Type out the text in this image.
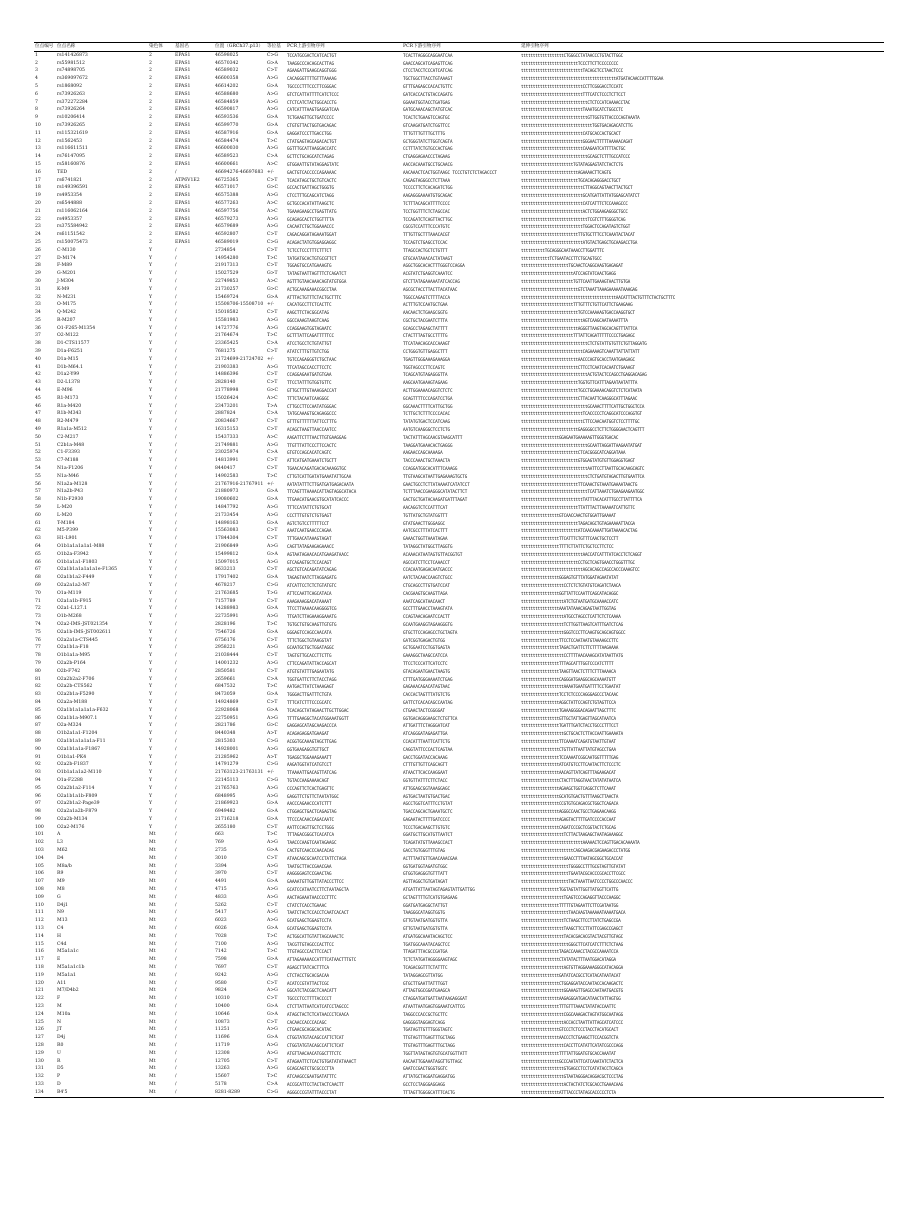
位点编号	位点名称	染色体	基因名	位置（GRCh37.p13）	等位基	PCR上游引物序列	PCR下游引物序列	延伸引物序列
1	rs141426873	2	EPAS1	46598025	C>G	TCCATGCGACTCATCACTGT	TCACTTAGGGCAGGAATCAA	ttttttttttttttttttCTGGGCCTATAACCCTGTACTTGGC
2	rs55981512	2	EPAS1	46570342	G>A	TAAGGCCCACAGCACTTAG	GAACCAGCATCAGAGTTCAG	ttttttttttttttttttttttttTCCCTTCTTCCCCCCCC
3	rs74898705	2	EPAS1	46589032	C>T	AGAAGATTGAAGCAGGTGGG	CTCCTACCTCCCATCATCAG	ttttttttttttttttttttttttttTACAGCTCCTAACTCCC
4	rs369097672	2	EPAS1	46600358	A>G	CACAGGGTTTTGTTTAAAAG	TGCTGGCTTACCTGTAAAGT	ttttttttttttttttttttttttttttttttttttttttATGATACAACCATTTTGGAA
5	rs1868092	2	EPAS1	46614202	G>A	TGCCCCTTTCCCTTCGGGAC	GTTTGAGAGCCACACTGTTC	ttttttttttttttttttttttttttCCTTCGGGACCTCCATC
6	rs73926263	2	EPAS1	46588680	A>G	GTCTCATTATTTTCATCTCCC	GATCACCACTGTACCAGATG	ttttttttttttttttttttttttttTTTCATCTCCCTCTTCCT
7	rs372272284	2	EPAS1	46584859	A>G	CTCTCATCTACTGGCACCTG	GGAAATGGTACCTGATGAG	ttttttttttttttttttttttttttttCTCTCCATCAAAACCTAC
8	rs73926264	2	EPAS1	46590817	A>G	CATCATTTAAGTGAGGATCAA	GATGCAAACAGCTATGTCAC	ttttttttttttttttttttttttttTAAATGCATCTGGCCTC
9	rs10206414	2	EPAS1	46593536	G>A	TCTGAAGTTGCTGATCCCC	TCACTCTGAAGTCCAGTGC	ttttttttttttttttttttttttttttGTTGGTGTTACCCCAGTAAATA
10	rs73926265	2	EPAS1	46599770	G>A	CTGTGTTACTGGTGACAGAC	GTCAAGATGATCTGGTTCC	ttttttttttttttttttttttttttttttTGGTGACAGACATCTTG
11	rs115321619	2	EPAS1	46587916	G>A	GAGGATCCCTTGACCTGG	TTTGTTTGTTTGCTTTG	ttttttttttttttttttttttttttCATGCACCACTGCACT
12	rs1562453	2	EPAS1	46584474	T>C	CTATGAGTAGCAGACACTGT	GCTGGGTATCTTGGTCAGTA	ttttttttttttttttttttttttttGGGAACTTTTTAAAAACAGAT
13	rs116611511	2	EPAS1	46600030	A>G	GGTTTGCATTAAGGACCATC	CCTTTATCTGTGCCACTGAG	ttttttttttttttttttttttttttCAAGAATCATTTTACTGC
14	rs76147095	2	EPAS1	46589523	C>A	GCTTCTGCAGCATCTAGAG	CTGAGGAGAACCCTAGAAG	ttttttttttttttttttttttttttttGCAGCTCTTTGCCATCCC
15	rs58160876	2	EPAS1	46600661	A>C	GTGGAATTGTATAGGAGTATC	AACCACAAATGCCTGCAACG	ttttttttttttttttttttttTGTATAGGAGTATCTACTCTG
16	TED	2	/	46694276-46697683	+/-	GACTGTCACCCCCAGAAAAC	AACAAACTCACTGGTAAGC TCCCTGTCTCTAGACCCT	ttttttttttttttttttttttttAGAAAACTTCAGTG
17	rs6741821	2	ATP6V1E2	46725365	C>T	TCACATAGCTGCTGTCACTC	CAGAGTAGGGCCTCTTAAA	ttttttttttttttttttttttttTGCACAGAGGGACCTGCT
18	rs149396591	2	EPAS1	46571017	G>C	GCCACTGATTAGCTGGGTG	TCCCCTTCTCACAGATCTGG	ttttttttttttttttttttttttttCTTAGGCAGTAACTTACTGCT
19	rs4953354	2	EPAS1	46575388	A>G	CTCCTTTGCAGCATCTAGG	AAGAGGGAAAATGTGCAGAC	ttttttttttttttttttttttttttGCATGATTATTATGGAGCATATCT
20	rs6544888	2	EPAS1	46577263	A>C	GCTGCCACATATTAAGCTC	TCTTTACAGCATTTTCCCC	ttttttttttttttttttttttttttCATCATTTCTCCAAAGCCC
21	rs116062164	2	EPAS1	46597756	A>C	TGAAAGAAGCCTGAGTTATG	TCCTGGTTTCTCTAGCCAC	ttttttttttttttttttttttttttACTCTGGAAGAGGGCTGCC
22	rs4953357	2	EPAS1	46579273	A>G	GCAGAGCACTCTGGTTTTA	TCCAGATCTCAGTTACTTGC	ttttttttttttttttttttttttttttTCGTCTTTGGGGTCAG
23	rs375584942	2	EPAS1	46579689	A>G	CACAATCTGCTGGAAACCC	CGCGTCCATTTCCCATGTC	ttttttttttttttttttttttttttTGGACTCCAGATAGTCTGGT
24	rs61151542	2	EPAS1	46592807	C>T	CAGACAGGATAGAAATGGAT	TTTGTTGCTTTAAACACGT	ttttttttttttttttttttttttTTGTGCTTTCCTCAAATACTACAT
25	rs150075473	2	EPAS1	46589019	C>G	ACAGACTATGTGGAGGAGGC	TCCAGTCTGAGCCTCCAC	ttttttttttttttttttttttttttATGTACTGAGCTGCAAGACCTGA
26	C-M130	Y	/	2734854	C>T	TCTCCTCCCTTTCTTTCT	TTAGCCACTGCTCTGTTT	ttttttttttTGCAGGGCAATAAACCTTGGATTTC
27	D-M174	Y	/	14954280	T>C	TATGATGCACTGTGCGTTCT	GTGCAATAAACACTATAAGT	ttttttttttttTCTGAATACCTTCTGCAGTGCC
28	F-M89	Y	/	21917313	C>T	TGGAGTGCCATGAAAGTG	AGGCTGGCACACTTTGGGTCCAGGA	ttttttttttttttttttttTGCAACTCAGGCAAGTGAGAGAT
29	G-M201	Y	/	15027529	G>T	TATAGTAATTAGTTTCTCAGATCT	ACGTATCTGAGGTCAAATCC	ttttttttttttttttttttttATCCAGTATCAACTGAGG
30	J-M304	Y	/	22749853	A>C	AGTTTGTAACAAACAGTATGTGGA	GTCTTATAGAAAAATATCACCAG	ttttttttttttttttttttttTGTTCAATTGAAAGTAACTTGTGA
31	K-M9	Y	/	21730257	G>C	ACTGCAAAGAAACGGCCTAA	AGCGCTACCTTACTTACATAAC	ttttttttttttttttttttttttGTCTAAATTAAAGAAAAATAAAGAG
32	N-M231	Y	/	15469724	G>A	ATTTACTGTTTCTACTGCTTTC	TGGCCAGAGTCTTTTACCA	ttttttttttttttttttttttttttttttttttttttttAACATTTACTGTTTCTACTGCTTTC
33	O-M175	Y	/	15508706-15508710	+/-	CACATGCCTTCTCACTTC	ACTTTGTCCAATGCTGAA	ttttttttttttttttttttttTTTGTTTCTGTTCATTCTGAAGAAG
34	Q-M242	Y	/	15018582	C>T	AAGCTTCTACGGCATAG	AACAACTCTGAAGCGGTG	ttttttttttttttttttttttttTGTCCAAAAAGTGACCAAGGTGCT
35	R-M207	Y	/	15581983	A>G	GGCCAAAGTAAGTCAAG	CGCTGCTACGAATCTTTA	ttttttttttttttttttttttttttAGTCAAGCAATAAAATTTA
36	O1-F265-M1354	Y	/	14727776	A>G	CCAGGAAGTGGTAGAATC	GCAGCCTAGAGCTATTTT	ttttttttttttttttttttttttAGGGTTAAGTAGCACAGTTTATTCA
37	O2-M122	Y	/	21764674	T>C	GCTTTATTCAGATTTTTCC	CTACTTTAGTGCCTTTTG	ttttttttttttttttttttttTTTATTCAGATTTTTCCCCTGAGAGC
38	D1-CTS11577	Y	/	23365425	C>A	ATCCTGCCTCTGTATTGT	TTCATAACAGCACCAAAGT	ttttttttttttttttttttttttttttCTCTGTATTGTGTTCTGTTAGGATG
39	D1a-F6251	Y	/	7681275	C>T	ATATCTTTGTTGTCTGG	CCTGGGTGTTGAGGCTTT	ttttttttttttttttttttttttttCAGAAAAGTCAAATTATTATTATT
40	D1a-M15	Y	/	21724699-21724702	+/-	TGTCCAGAGGGTCTGCTAAC	TGAGTTGGGAAAGAAAGGA	ttttttttttttttttttttttttAACCCAGTGCACCTAATGAAGAGC
41	D1b-M64.1	Y	/	21903383	A>G	TTCATAGCCACCTTCCTC	TGGTAGCCCTTCCAGTC	ttttttttttttttttttttttttCTTCCTCAATCACAATCTGAAAGT
42	D1a2-Y99	Y	/	14886396	C>T	CCAGGAGAATGATGTGAA	TCAGCATGTAGAGGGTTA	ttttttttttttttttttttttttttttACTGTACTCCAGCCTGAGGACAGAG
43	D2-L1378	Y	/	2828140	C>T	TTCCTATTTGTGGTGTTC	AAGCAATGAAAGTAGAAG	ttttttttttttttttttttttttTGGTGTTCATTTAGAATAATATTTA
44	E-M96	Y	/	21778998	G>C	GTTGCTTTGTAAAGGACCAT	ACTTGGAAAACAGGTCTCTC	ttttttttttttttttttttttttTGCCTGGAAAACAGGTCTCTCATAATA
45	R1-M173	Y	/	15026424	A>C	TTTCTACAATCAAGGGC	GCAGTTTTCCCAGATCCTGA	ttttttttttttttttttttttttCTTACAATTCAAGGGCATTTAGAAC
46	R1a-M420	Y	/	23473201	T>A	CTTGCCTTCCAATATGGGAC	GGCAAACTTTTCATTGCTGG	ttttttttttttttttttttttttttttGCAAACTTTTCATTGCTGGCTCCA
47	R1b-M343	Y	/	2887824	C>A	TATGCAAAGTGCAGAGGCCC	TCTTGCTCTTTCCCCACAC	ttttttttttttttttttttttttttTCACCCCCTCAGGCATCCCAGGTGT
48	R2-M479	Y	/	20834667	C>T	GTTTGTTTTTTATTCCTTTG	TATATGTGACTCCATCAAG	ttttttttttttttttttttttttttCTTCCAACAATGGTCTCCTTTTGC
49	R1a1a-M512	Y	/	16315153	C>T	ACAGCTAAGTTAACCAATCC	AATGTCAAGGGCTCCTCTG	ttttttttttttttttttttttttGAGGGGCCTCTTCTGGGGAACTCAGTTT
50	C2-M217	Y	/	15437333	A>C	AAGATTCTTTAACTTGTGAAGGAG	TACTATTTAGCAACGTAAGCATTT	ttttttttttttttttGGAGAATGAAAAAGTTGGGTGACAC
51	C2b1a-M48	Y	/	21749881	A>G	TTGTTTATTCCCTTCCACTC	TAAGGATGAAACACTGAGGG	ttttttttttttttttttttttttttttGCAATTAGGATTAAGAATATGAT
52	C1-F3393	Y	/	23025974	C>A	GTGTCCAGCACATCAGTC	AAGAACCAGCAAAAGA	ttttttttttttttttttttttttCTCACGGGCATCAGGATAAA
53	C7-M188	Y	/	14813991	C>T	ATTCATGATGAAATCTGCTT	TACCCAAACTGCTAAACTA	ttttttttttttttttttttttttGTGGAGTATGTGTTGGAGGTGAGT
54	N1a-F1206	Y	/	8440417	C>T	TGAACACAGATGACACAAAGGTGC	CCAGGATGGCACATTTCAAAGG	ttttttttttttttttttttttttttttAATTCCTTAATTGCACAAGCAGTC
55	N1a-M46	Y	/	14902583	T>C	CTTGTCATTGATATGAAATATTGCAA	TTGTAAGCATAATTGAGAAAGTGCTG	ttttttttttttttttttttttttttttCTCTGATGTAGACTTGTGAATTCA
56	N1a2a-M128	Y	/	21767916-21767911	+/-	AATATATTTCTTGATGATGAGACAATA	GAACTGCCTCTTATAAAATCATATCCT	ttttttttttttttttttttttttTTCAAACTGTAAATGAAAATAACTG
57	N1a2b-P43	Y	/	21880973	G>A	TTCAGTTTAAAACATTAGTAGGCATACA	TCTTTAACCGAAGGGCATATACTTCT	ttttttttttttttttttttttttttttTCATTAAATCTGAAGAAGAATGGC
58	N1b-F2930	Y	/	19080602	G>A	TTGAACATGAACGTGCATATCACCC	GACTGCTGATACAAGATGATTTAGAT	ttttttttttttttttttttttttttTATTTACACATTTGCCTTATTTTCA
59	L-M20	Y	/	14847792	A>G	TTTCCATATTCTGTGCAT	AACAGGTCTCCATTTCAT	ttttttttttttttttttttttttTTATTTACTTAAAAATCATTGTTC
60	L-M20	Y	/	21733454	A>G	CCCTTTGTGTCTGTGAGT	TGTTATGCTGTATGGTTT	ttttttttttttttttGTCAACCAACTGTGGATTGAAAAT
61	T-M184	Y	/	14898163	G>A	AGTCTGTCCTTTTTCCT	GTATGAACTTGGGAGGC	ttttttttttttttttttttttttTAGACAGCTGTAGAAAAATTACGA
62	M5-P399	Y	/	15563083	C>T	AAATCAATGAACCCAGAA	AATCGCCTTTATCACTTT	ttttttttttttttttttttttttATCAACAAAATTGATAAAACACTAG
63	H1-L901	Y	/	17844304	C>T	TTTGAACATAAAGTAGAT	GAAACTGGTTAAATAGAA	ttttttttttttttttTTCATTTCTGTTTCAACTGCTCCTT
64	O1b1a1a1a1a1-M88	Y	/	21906849	A>G	CAGTTATAGAAGAGAAACC	TATAGGCTATGGCTTAGGTG	ttttttttttttttttTTTTCTTATTCTGCTCCTTCTCC
65	O1b2a-F3942	Y	/	15499812	G>A	AGTAATAGAACACATGAAGATAACC	ACAAACATAATAGTGTTACGGTGT	ttttttttttttttttttttttttttAACCATCATTTATCACCTCTCAGGT
66	O1b1a1a1-F1803	Y	/	15097015	A>G	GTCAGAGTGCTCCACAGT	AGCCATCTTCCTCAAACCT	ttttttttttttttttttttttttCCTGCTCAGTGAACCTGGGTTTGC
67	O2a1b1a1a1a1a1e-F1365	Y	/	8633213	C>T	AGCTGTCACAGATATCAGAG	CCACAATGAGACAATGACCC	ttttttttttttttttttttttttttAGCACAGCCAGCCACCCAAAGTCC
68	O2a1b1a2-F449	Y	/	17917402	G>A	TAGAGTAATCTTAGGAGATG	AATCTACAACCAAGTCTGCC	ttttttttttttttttGGGAGTGTTTATGGATAGAATATAT
69	O2a2a1a2-M7	Y	/	4678217	C>G	ATCATTCCTCTCTGTATGTC	CTGCAGCCTTGTGATCCAT	ttttttttttttttttttCCTCTCTGTATGTCAGATCTAACA
70	O1a-M119	Y	/	21763685	T>G	ATTCCAATTCAGCATACA	CACGAAGTGCAAGTTAGA	ttttttttttttttttGGTTATTCCAATTCAGCATACAGGC
71	O2a1a1b-F915	Y	/	7157789	C>T	AAAGAAAGGACATAAAAT	AAATCAGCATAACAACT	ttttttttttttttttttATCTGTAATGATGCAAAACCATC
72	O2a1-L127.1	Y	/	14288983	G>A	TTCCTTAAAACAAGGGGTCG	GCCTTTGAACCTAAAGTATA	ttttttttttttttttAAATATAAACAGAGTAATTGGTAG
73	O1b-M268	Y	/	22735991	A>G	TTGATCTTAGAAAGGAAATG	CCAGTAACAGAATCCACTT	ttttttttttttttttttATGCCTAGCCTCATTCTCTCAAAA
74	O2a2-IMS-JST021354	Y	/	2828196	T>C	TGTGCTGTGCAAGTTGTGTG	GCAATGAAGGTAGAAGGGTG	ttttttttttttttttttTCTTGGTTAAGTCATTTGATCTCAG
75	O2a1b-IMS-JST002611	Y	/	7546726	G>A	GGGAGTCCAGCCAACATA	GTGCTTCCAGAGCCTGCTAGTA	ttttttttttttttttttGGGTCCCTTCAAGTGCAGCAGTGGCC
76	O2a2a1a-CTS445	Y	/	6756176	C>T	TTTCTGGCTGTAAGGTAT	GATCGGTGAGACTGTGG	ttttttttttttttttTTCCTCCAATAATGTAAAAGCCTTC
77	O2a1b1a-F18	Y	/	2958221	A>G	GCAATGCTGCTGGATAGGC	GCTGGAATCCTGGTGAGTA	ttttttttttttttttTAGACTGATTCTTCTTTTAAGAAAA
78	O1b1a1a-M95	Y	/	21038444	C>T	TAGTGTTGCACCTTCTTG	GAAAGGCTAAGCCATCCA	ttttttttttttttttttCCTTTTAACAAAGCATATAATTATG
79	O2a2b-P164	Y	/	14001232	A>G	CTTCCAGATATTACCAGCAT	TTCCTCCCATTCATCCTC	ttttttttttttttttTTTAGCATTTGGTCCCATCTTTT
80	O2b-F742	Y	/	2850581	C>T	ATGTGTATTTGAGAATATG	GTACAGAATGAACTAAGTG	ttttttttttttttttTAAGTTAACTCTTTCTTTAAAACA
81	O2a2b2a2-F706	Y	/	2659661	C>A	TGGTGATTCTTCTACCTAGG	CTTTGATGGGAAAATCTGAG	ttttttttttttttttCAGGGATGAAGGCAGCAAAATGTT
82	O2a2b-CTS562	Y	/	6847532	T>C	AATGACTTATCTAAAGAGT	GAGAAACAGACATAGTAAC	ttttttttttttttttttAAAATGAATGATTTTCCTGAATAT
83	O2a2b1a-F5290	Y	/	8473059	G>A	TGGGACTTGATTTCTGTA	CACCACTAGTTTATGTCTG	ttttttttttttttttTCCTCTCCCCAGGGAGCCCTACAAC
84	O2a2a-M188	Y	/	14924869	C>T	TTTCATCTTTCCCGCATC	GATTCTCACACAGCCAATAG	ttttttttttttttttAGGCTATTCCAGTCTGTAGTTCCA
85	O2a1b1a1a1a1a-F632	Y	/	22928068	G>A	TCACAGCTATAGAACTTGCTTGGAC	CTGAACTACTCGGGGAT	ttttttttttttttttTGAAAGGGGACAGAATTAGCTTTC
86	O2a1b1a-M907.1	Y	/	22750951	A>G	TTTTGAAGGCTACATGGAAATGGTT	GGTGACAGGGAAGCTCTGTTCA	ttttttttttttttttGTTGCTATTGAGTTAGCATAATCA
87	O2a-M324	Y	/	2821786	G>C	GAGGAGCATAGCAAGACCCA	ATTGATTTCTAGGGATCAT	ttttttttttttttttTGATTTGATCTACCTGCCCTTTCCT
88	O1b2a1a1-F1204	Y	/	8440348	A>T	ACAGAGAGGATGAAGAT	ATCAGGGATAGAGATTGA	ttttttttttttttttttGCTGCACTCTTACCAATTGAAAATA
89	O2a1b1a1a1a1a-F11	Y	/	2815303	C>G	ACGGTGCAAAGTAGCTTGAG	CCACATTTAATTCATTCTG	ttttttttttttttttTTCAAAATCAGATGTAATTGTAAT
90	O2a1b1a1a-F1867	Y	/	14928001	A>G	GGTGAAGAGGTGTTGCT	CAGGTATTCCCACTCAGTAA	ttttttttttttttttCTGTTATTAATTATGTAGCCTGAA
91	O1b1a1-PK4	Y	/	21285962	A>T	TGAGGCTGGAAAGAAATT	GACCTGGATACCACAAAG	ttttttttttttttttTCCAAAATCGGCAATGGTTTTTGAG
92	O2a2b-F1837	Y	/	14791279	C>G	AAGATGGTATCATGTCCT	CTTTGTTGTTCAGCAGTT	ttttttttttttttttATCATGTCCTTCAATACTTCTCCCTC
93	O1b1a1a1a2-M110	Y	/	21763123-21763131	+/-	TTAAAATTGACAGTTATCAG	ATAACTTCACCAAGGAAT	ttttttttttttttttAACAGTTATCAGTTTAGAAGACAT
94	O1a-F2288	Y	/	22145113	C>G	TGTACCAAGAAAACAGT	GGTGTTATTTCTTCTACC	ttttttttttttttttCTACTTTAGGTAACTATATATAATCA
95	O2a2b1a2-F114	Y	/	21765763	A>G	CCCAGTTCTCACTGAGTTC	ATTGGAGCGGTAAAGGAGC	ttttttttttttttttAGAAGCTGGTCAGGCTCTTCAAAT
96	O2a1b1a1b-F809	Y	/	6848995	A>G	GAGGTTCTGTTCTAATATGGC	AGTGACTAATGTGACTGAC	ttttttttttttttttGCATGTGACTGTTTAAGCTTAACTA
97	O2a2b1a2-Page39	Y	/	21869923	G>A	AACCCAGAACCCATCTTT	AGCCTGGTCATTTCCTGTAT	ttttttttttttttttCCGTGTGCAGACGCTGGCTCAGACA
98	O2a2a1a2b-F879	Y	/	6949482	G>A	CTGGAGCTGACTCAGAGTAG	TGACCAGCACTGAAATGCTC	ttttttttttttttttAGGGCCAACTGCCTGAGAACAAGG
99	O2a2b-M134	Y	/	21716218	G>A	TTCCCACAACCAGACAATC	GAGAATACTTTTGATCCCC	ttttttttttttttttAGAGTACTTTTGATCCCCACCAAT
100	O2a2-M176	Y	/	2655180	C>T	AATTCCAGTTGCTCCTGGG	TCCCTGACAAGCTTGTGTC	ttttttttttttttttCAGATCCCGCTCGGTACTCTGCAG
101	A	Mt	/	663	T>C	TTTAGACGGGCTCACATCA	GGATGCTTGCATGTTAATCT	ttttttttttttttttttTCTTACTAAGAGCTAATAGAAAGGC
102	L3	Mt	/	769	A>G	TAACCCAAGTCAATAGAAGC	TCAGATATGTTAAAGCCACT	ttttttttttttttttttttttttttAAAAACTCCAGTTGACACAAAATA
103	M62	Mt	/	2735	G>A	CACTGTCAACCCAACACAG	GACCTGTGGGTTTGTAG	ttttttttttttttttttttttCAGCAAGACGAGAAGACCCTATGG
104	D4	Mt	/	3010	C>T	ATAACAGCGCAATCCTATTCTAGA	ACTTTAATGTTGAACAAACGAA	ttttttttttttttttttGAACCTTTAATAGCGGCTGCACCAT
105	M8a/b	Mt	/	3394	A>G	TAATGCTTACCGAACGAA	GGTGATGGTAGATGTGGC	ttttttttttttttttttttTGGGGCCTTTGCGTAGTTGTATAT
106	R9	Mt	/	3970	C>T	AAGGGGAGTCCGAACTAG	GTGGTGAGGGTGTTTATT	ttttttttttttttttttttTGAATACGCACCCGCACCTTCGCC
107	M9	Mt	/	4491	G>A	GAAAATGTTGGTTATACCCTTCC	AGTTAGGCTGTGATAGAT	ttttttttttttttttttttTACTAAATTAATCCCCTGGCCCAACCC
108	M8	Mt	/	4715	A>G	GCATCCATAATCCTTCTAATAGCTA	ATGATTATTAATAGTAGAGTATTGATTGG	ttttttttttttttttTGGTAGTATTGGTTATGGTTCATTG
109	G	Mt	/	4833	A>G	AACTAGAAATAACCCCTTTC	GCTAGTTTTGTCATGTGAGAAG	ttttttttttttttttttTGAGTCCCAGAGGTTACCCAAGGC
110	D4j1	Mt	/	5262	C>T	CTATCTCACCTGAAAC	GGATGATGAGGCTATTGT	ttttttttttttttttTTTTTGTAGAATTCTTCGATAATGG
111	N9	Mt	/	5417	A>G	TAATCTACTCCACCTCAATCACACT	TAAGGGCATAGGTGGTG	ttttttttttttttttttttTAACAAGTAAAAAATAAAATGACA
112	M13	Mt	/	6023	A>G	GCATGAGCTGGAGTCCTA	GTTGTAATGATGGTGTTA	ttttttttttttttttttTCTAAGCTTCCTTATCTGAGCCGA
113	C4	Mt	/	6026	G>A	GCATGAGCTGGAGTCCTA	GTTGTAATGATGGTGTTA	ttttttttttttttttttTAAGCTTCCTTATTCGAGCCGAGCT
114	H	Mt	/	7028	T>C	ACTGGCATTGTATTAGCAAACTC	ATGATGGCAAATACAGCTCC	ttttttttttttttttttTACACGACACGTACTACGTTGTAGC
115	C4d	Mt	/	7100	A>G	TACGTTGTAGCCCACTTCC	TGATGGCAAATACAGCTCC	ttttttttttttttttttttGGGCTTCATCATCTTTCTCTAAG
116	M5a1a1c	Mt	/	7142	T>C	TTGTAGCCCACTTCCACT	TTAGATTTACGCCGATGA	ttttttttttttttttTAGACCAAACCTACGCCAAAATCCA
117	E	Mt	/	7598	G>A	ATTAGAAAAACCATTTCATAACTTTGTC	TCTCTATGATAGGGGAAGTAGC	ttttttttttttttttCTATATACTTTAATGGACATAGGA
118	M5a1a1c1b	Mt	/	7697	C>T	AGAGCTTATCACTTTCA	TCAGACGGTTTCTATTTC	ttttttttttttttttttAGTGTTAGGAAAAGGGCATACAGGA
119	M5a1a1	Mt	/	9242	A>G	CTCTACCTGCACGACAA	TATAGGAGCGTTATGG	ttttttttttttttttGATATCACGCCTCATACATAATACAT
120	A11	Mt	/	9580	C>T	ACATCCGTATTACTCGC	GTGCTTGAATTATTTGGT	ttttttttttttttttCTGGAGGATACCAATACCACAAGACTC
121	M7/D4b2	Mt	/	9824	A>G	GGCATCTACGGCTCAACATT	ATTAGTGGCGGATGAAGCA	ttttttttttttttttttGGAAAGTTGAGCCAATAATGACGTG
122	F	Mt	/	10310	C>T	TGCCCTCCTTTTACCCCT	CTAGGATGATGATTAATAAGAGGGAT	ttttttttttttttttAAGAGGGATGACATAACTATTAGTGG
123	M	Mt	/	10400	G>A	CTCTTATTAATCATCATCCTAGCCC	ATAATTAATGAGTGGAAATCATTCG	ttttttttttttttttTTTGTTTAAACTATATACCAATTC
124	M10a	Mt	/	10646	G>A	ATAGCTACTCTCATAACCCTCAACA	TAGGCCCACCGCTGCTTC	ttttttttttttttttttCGGCAAAGACTAGTATGGCAATAGG
125	N	Mt	/	10873	C>T	CACAACCACCCACAGC	GAGGGGTAGGAGTCAGG	ttttttttttttttttttACCACCTAATTATTAGCATCATCCC
126	JT	Mt	/	11251	A>G	CTGAACGCAGGCACATAC	TGATAGTTGTTTGGGTAGTC	ttttttttttttttttGTCCCTCTCCCTACCTACATGCACT
127	D4j	Mt	/	11696	G>A	CTGGTATGTACAGCCATTCTCAT	TTGTAGTTTGAGTTTGCTAGG	ttttttttttttttttAACCCTCTGAAGCTTCCACGGTCTA
128	R0	Mt	/	11719	A>G	CTGGTATGTACAGCCATTCTCAT	TTGTAGTTTGAGTTTGCTAGG	ttttttttttttttttttCACCTTCATATTCATATCGCCCAGG
129	U	Mt	/	12308	A>G	ATGTTAACAACATGGCTTTCTC	TGGTTATAGTAGTGTGCATGGTTATT	ttttttttttttttttTTTTATTGGATGTGCACCAAATAT
130	R	Mt	/	12705	C>T	ATAGAATTCTCACTGTGATATATAAACT	AACAATTGGAAATAGGTTGTTAGC	ttttttttttttttttGCCCAATATTCATCAAATATCTACTCA
131	D5	Mt	/	13263	A>G	GCAGCAGTCTGCGCCCTTA	GAATCCGACTGGGTGGTC	ttttttttttttttttttGTGAGCCTCCTCATATACCTCAGCA
132	P	Mt	/	15607	T>C	ATCAAGCCGAATGATATTTC	ATTATGCTAGGATGAGGATGG	ttttttttttttttttttGTAATAGGGACAGGACGCTCCCTAG
133	D	Mt	/	5178	C>A	ACCGCATTCCTACTACTCAACTT	GCCTCCTAGGGAGGAGG	ttttttttttttttttttACTACTATCTCGCACCTGAAACAAG
134	B4'5	Mt	/	8281-8289	C>G	AGGGCCCGTATTTACCCTAT	TTTAGTTGGGGCATTTCACTG	ttttttttttttttttATTTACCCTATAGCACCCCCTCTA
